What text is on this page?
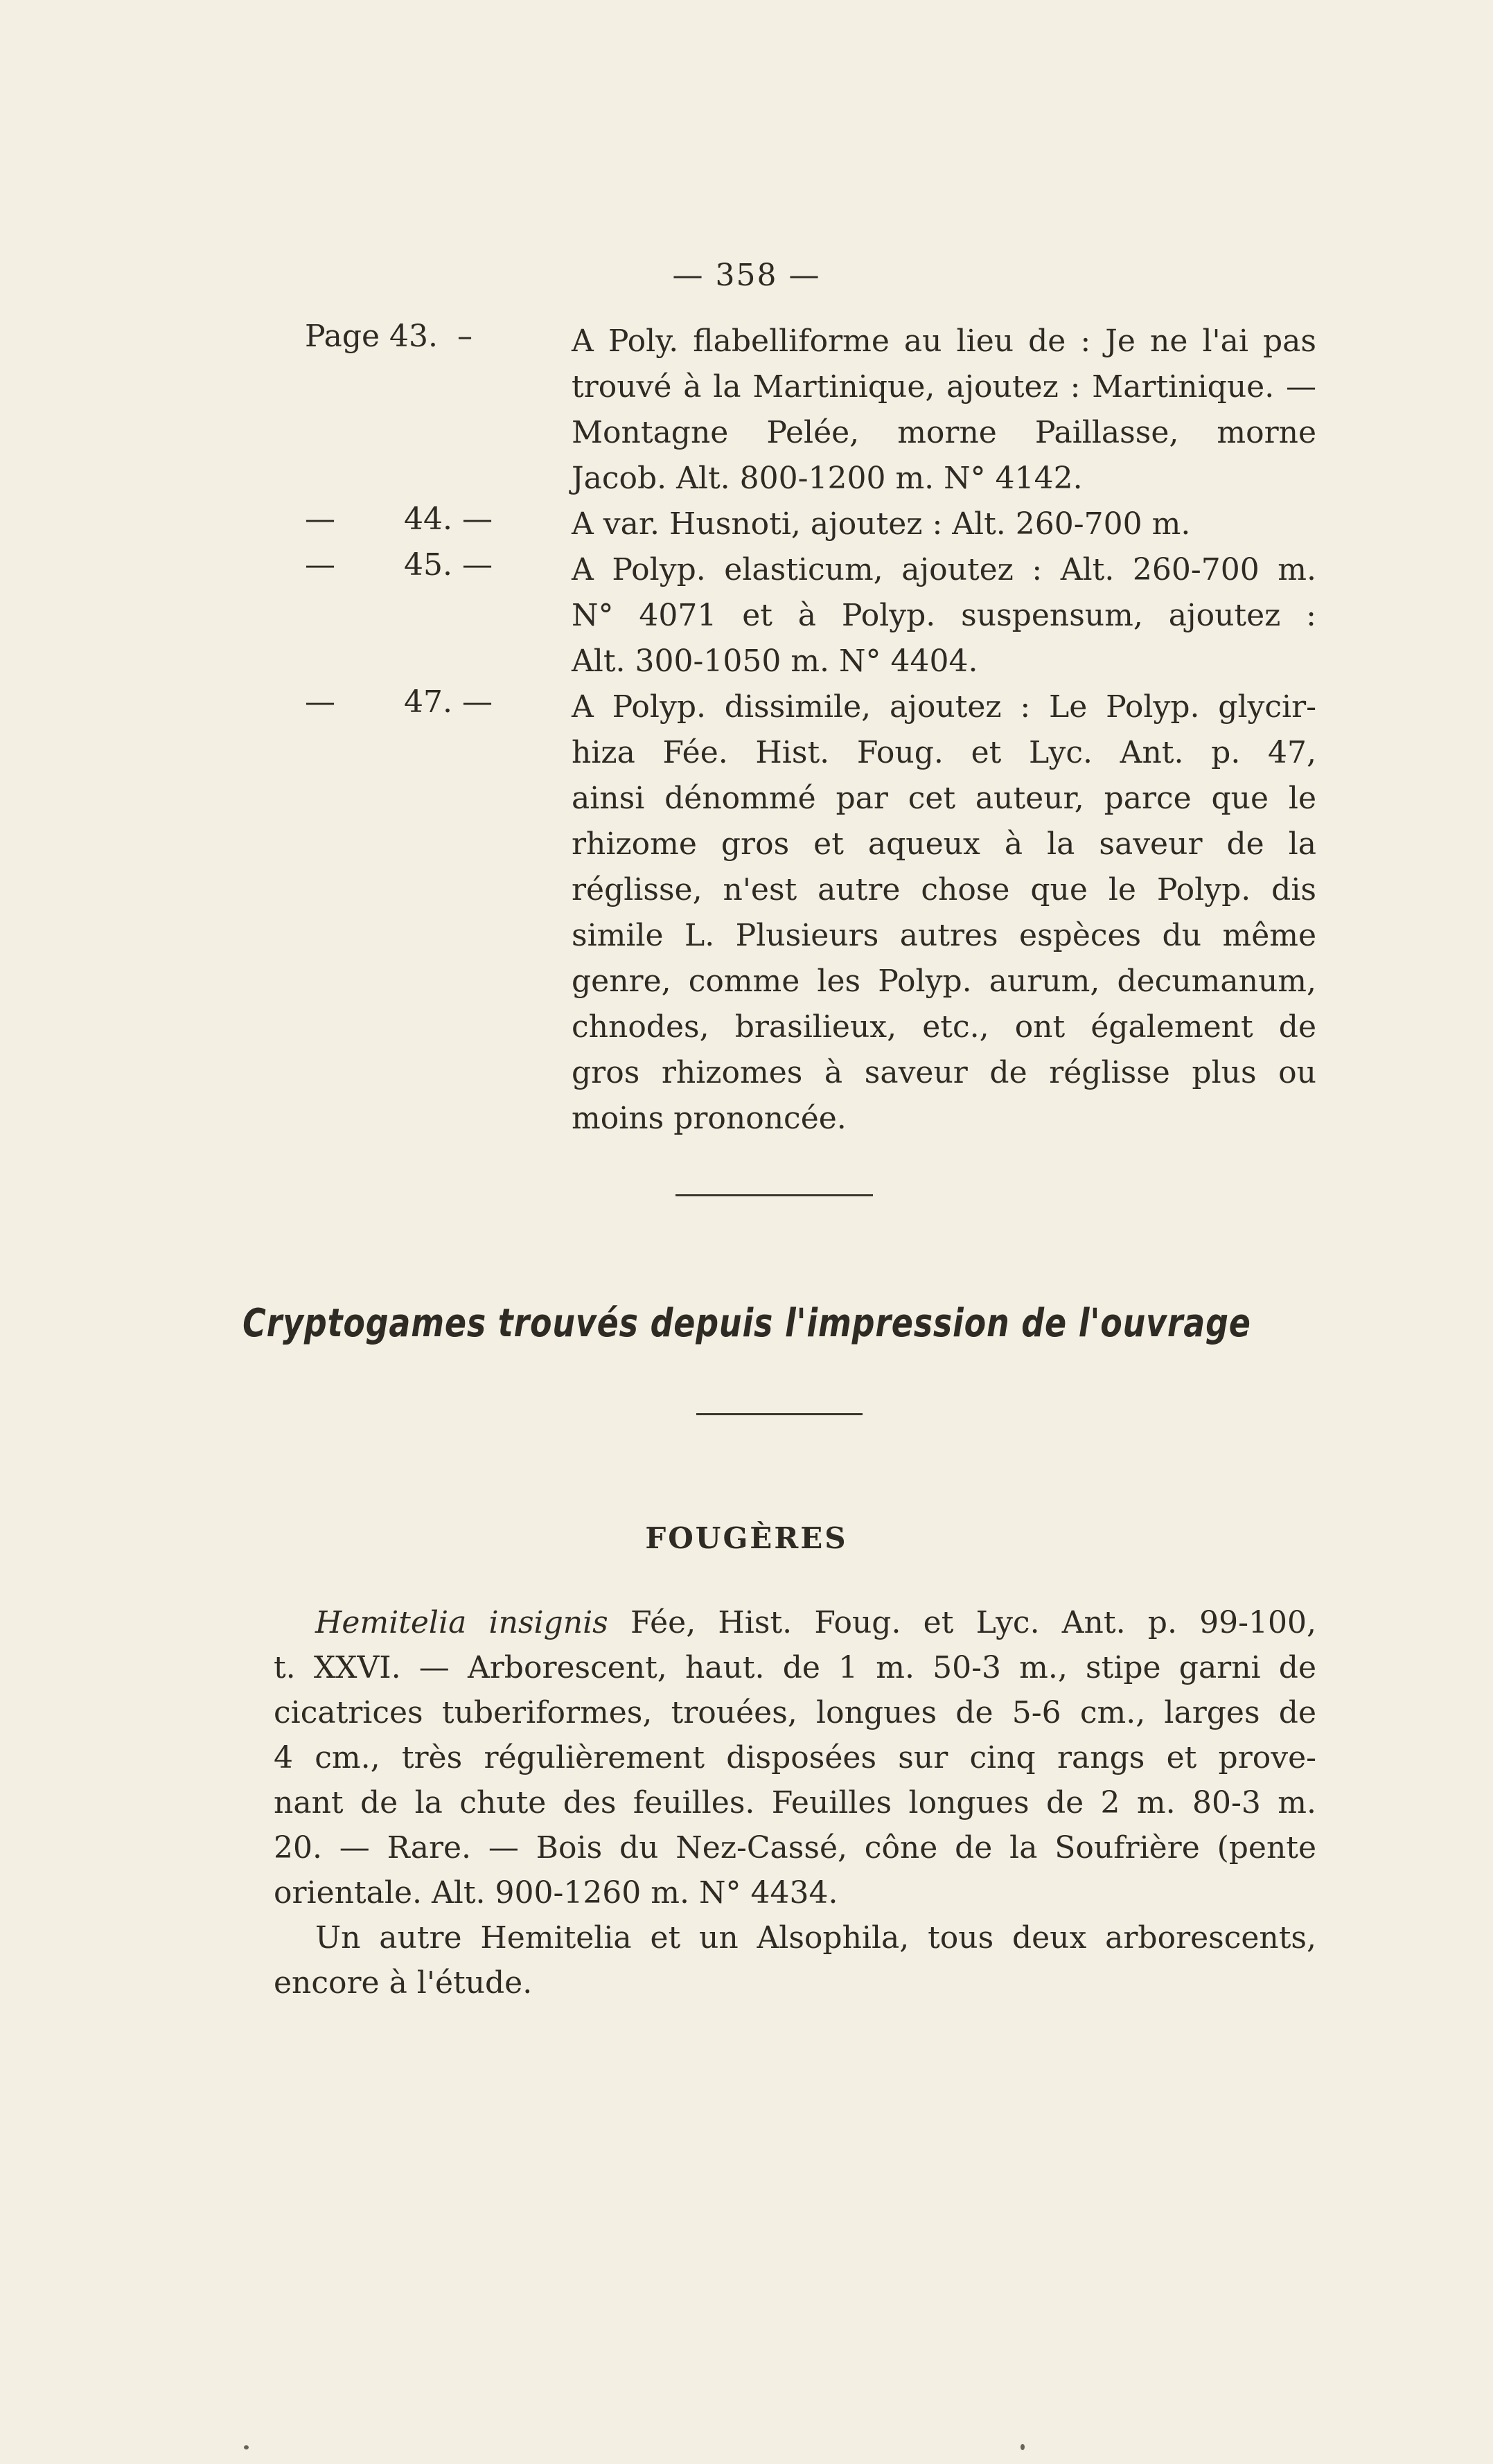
— 358 —
Page 43.  –	A Poly. flabelliforme au lieu de : Je ne l'ai pas
trouvé à la Martinique, ajoutez : Martinique. —
Montagne Pelée, morne Paillasse, morne
Jacob. Alt. 800-1200 m. N° 4142.
— 44. —	A var. Husnoti, ajoutez : Alt. 260-700 m.
— 45. —	A Polyp. elasticum, ajoutez : Alt. 260-700 m.
N° 4071 et à Polyp. suspensum, ajoutez :
Alt. 300-1050 m. N° 4404.
— 47. —	A Polyp. dissimile, ajoutez : Le Polyp. glycir-
hiza Fée. Hist. Foug. et Lyc. Ant. p. 47,
ainsi dénommé par cet auteur, parce que le
rhizome gros et aqueux à la saveur de la
réglisse, n'est autre chose que le Polyp. dis
simile L. Plusieurs autres espèces du même
genre, comme les Polyp. aurum, decumanum,
chnodes, brasilieux, etc., ont également de
gros rhizomes à saveur de réglisse plus ou
moins prononcée.
Cryptogames trouvés depuis l'impression de l'ouvrage
FOUGÈRES
Hemitelia insignis Fée, Hist. Foug. et Lyc. Ant. p. 99-100,
t. XXVI. — Arborescent, haut. de 1 m. 50-3 m., stipe garni de
cicatrices tuberiformes, trouées, longues de 5-6 cm., larges de
4 cm., très régulièrement disposées sur cinq rangs et prove-
nant de la chute des feuilles. Feuilles longues de 2 m. 80-3 m.
20. — Rare. — Bois du Nez-Cassé, cône de la Soufrière (pente
orientale. Alt. 900-1260 m. N° 4434.
Un autre Hemitelia et un Alsophila, tous deux arborescents,
encore à l'étude.
